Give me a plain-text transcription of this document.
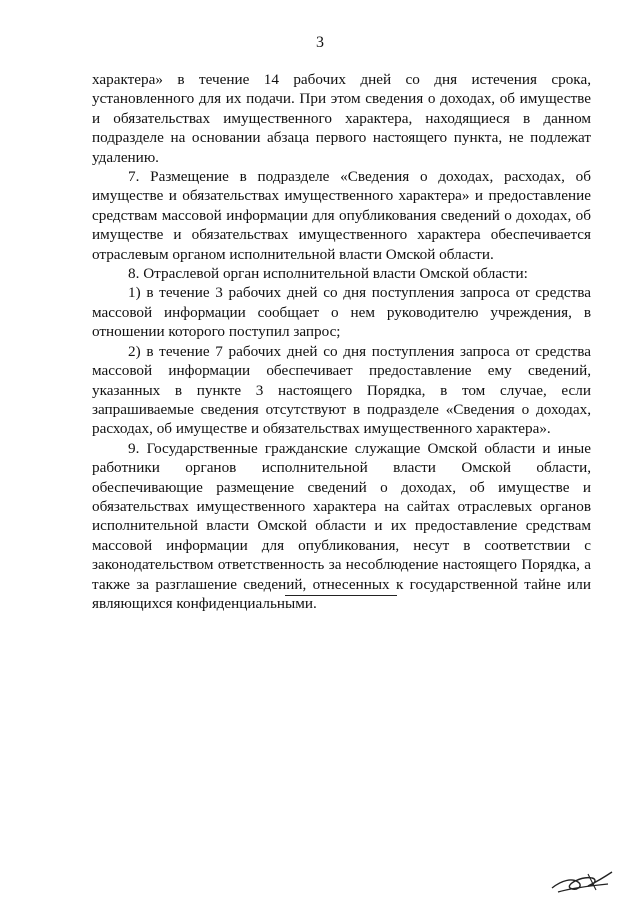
3

характера» в течение 14 рабочих дней со дня истечения срока, установленного для их подачи. При этом сведения о доходах, об имуществе и обязательствах имущественного характера, находящиеся в данном подразделе на основании абзаца первого настоящего пункта, не подлежат удалению.

7. Размещение в подразделе «Сведения о доходах, расходах, об имуществе и обязательствах имущественного характера» и предоставление средствам массовой информации для опубликования сведений о доходах, об имуществе и обязательствах имущественного характера обеспечивается отраслевым органом исполнительной власти Омской области.

8. Отраслевой орган исполнительной власти Омской области:

1) в течение 3 рабочих дней со дня поступления запроса от средства массовой информации сообщает о нем руководителю учреждения, в отношении которого поступил запрос;

2) в течение 7 рабочих дней со дня поступления запроса от средства массовой информации обеспечивает предоставление ему сведений, указанных в пункте 3 настоящего Порядка, в том случае, если запрашиваемые сведения отсутствуют в подразделе «Сведения о доходах, расходах, об имуществе и обязательствах имущественного характера».

9. Государственные гражданские служащие Омской области и иные работники органов исполнительной власти Омской области, обеспечивающие размещение сведений о доходах, об имуществе и обязательствах имущественного характера на сайтах отраслевых органов исполнительной власти Омской области и их предоставление средствам массовой информации для опубликования, несут в соответствии с законодательством ответственность за несоблюдение настоящего Порядка, а также за разглашение сведений, отнесенных к государственной тайне или являющихся конфиденциальными.
